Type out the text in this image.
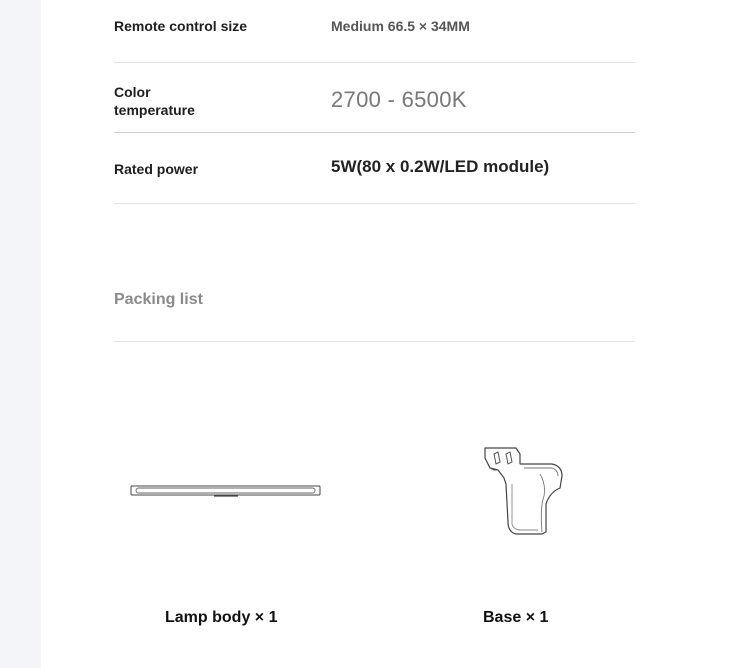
Remote control size	Medium 66.5 × 34MM
Color
temperature	2700 - 6500K
Rated power	5W(80 x 0.2W/LED module)
Packing list
Lamp body × 1	Base × 1
